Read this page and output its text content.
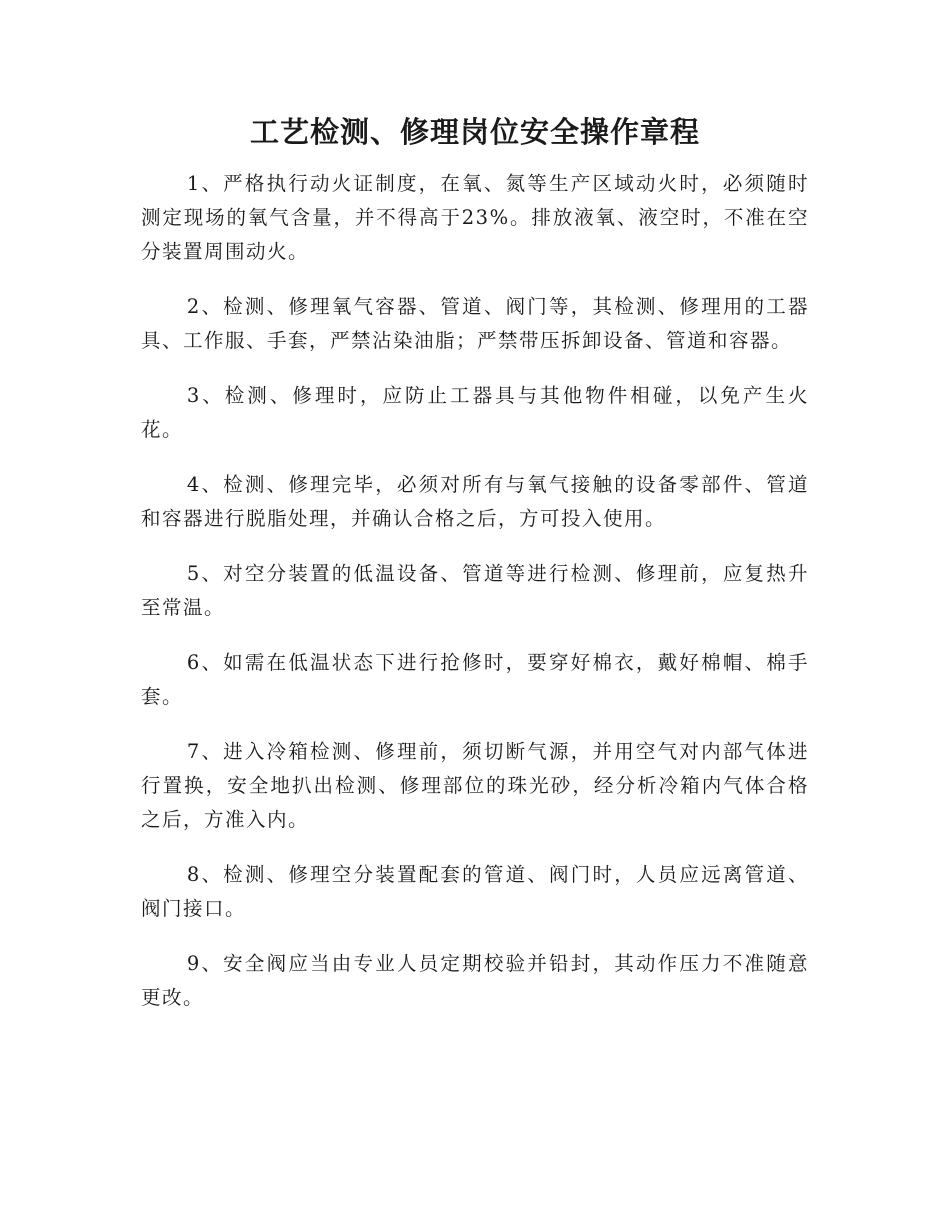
工艺检测、修理岗位安全操作章程

1、严格执行动火证制度，在氧、氮等生产区域动火时，必须随时测定现场的氧气含量，并不得高于23%。排放液氧、液空时，不准在空分装置周围动火。

2、检测、修理氧气容器、管道、阀门等，其检测、修理用的工器具、工作服、手套，严禁沾染油脂；严禁带压拆卸设备、管道和容器。

3、检测、修理时，应防止工器具与其他物件相碰，以免产生火花。

4、检测、修理完毕，必须对所有与氧气接触的设备零部件、管道和容器进行脱脂处理，并确认合格之后，方可投入使用。

5、对空分装置的低温设备、管道等进行检测、修理前，应复热升至常温。

6、如需在低温状态下进行抢修时，要穿好棉衣，戴好棉帽、棉手套。

7、进入冷箱检测、修理前，须切断气源，并用空气对内部气体进行置换，安全地扒出检测、修理部位的珠光砂，经分析冷箱内气体合格之后，方准入内。

8、检测、修理空分装置配套的管道、阀门时，人员应远离管道、阀门接口。

9、安全阀应当由专业人员定期校验并铅封，其动作压力不准随意更改。
